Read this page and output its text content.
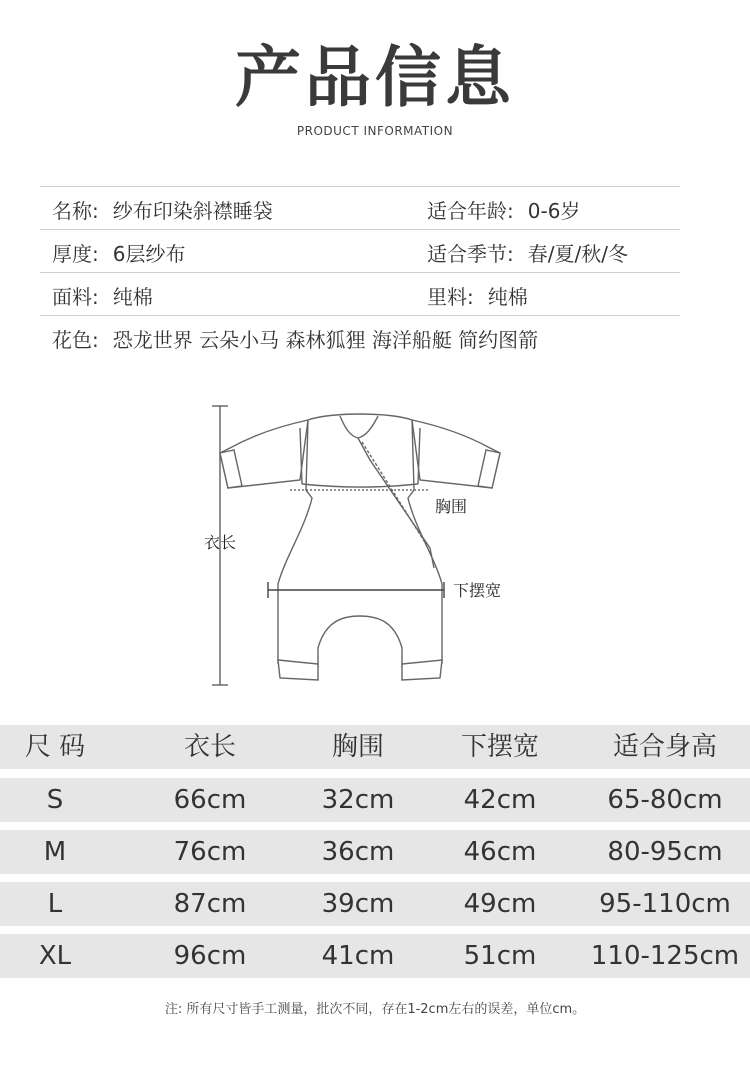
产品信息
PRODUCT INFORMATION
名称: 纱布印染斜襟睡袋	适合年龄: 0-6岁
厚度: 6层纱布	适合季节: 春/夏/秋/冬
面料: 纯棉	里料: 纯棉
花色: 恐龙世界 云朵小马 森林狐狸 海洋船艇 简约图箭
衣长
胸围
下摆宽
尺 码	衣长	胸围	下摆宽	适合身高
S	66cm	32cm	42cm	65-80cm
M	76cm	36cm	46cm	80-95cm
L	87cm	39cm	49cm	95-110cm
XL	96cm	41cm	51cm	110-125cm
注: 所有尺寸皆手工测量，批次不同，存在1-2cm左右的误差，单位cm。
